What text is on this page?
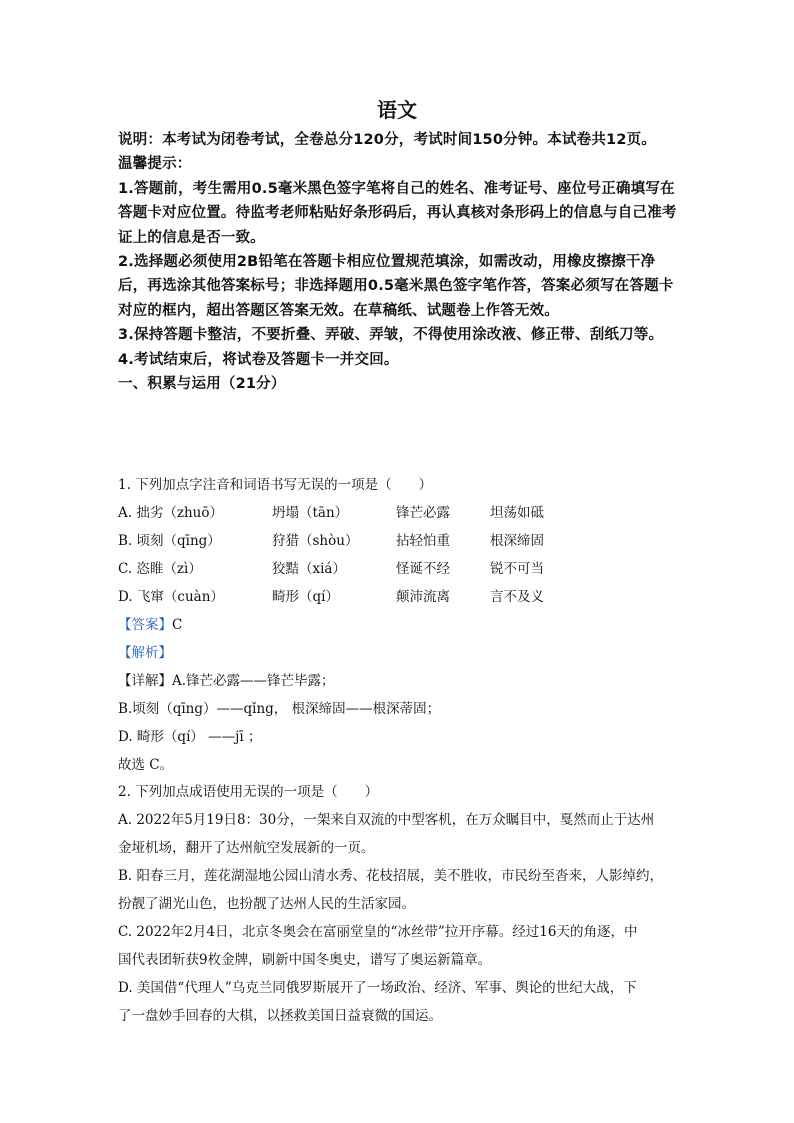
语文

说明：本考试为闭卷考试，全卷总分120分，考试时间150分钟。本试卷共12页。

温馨提示：

1.答题前，考生需用0.5毫米黑色签字笔将自己的姓名、准考证号、座位号正确填写在答题卡对应位置。待监考老师粘贴好条形码后，再认真核对条形码上的信息与自己准考证上的信息是否一致。

2.选择题必须使用2B铅笔在答题卡相应位置规范填涂，如需改动，用橡皮擦擦干净后，再选涂其他答案标号；非选择题用0.5毫米黑色签字笔作答，答案必须写在答题卡对应的框内，超出答题区答案无效。在草稿纸、试题卷上作答无效。

3.保持答题卡整洁，不要折叠、弄破、弄皱，不得使用涂改液、修正带、刮纸刀等。

4.考试结束后，将试卷及答题卡一并交回。

一、积累与运用（21分）

1. 下列加点字注音和词语书写无误的一项是（　　）
A. 拙劣（zhuō）	坍塌（tān）	锋芒必露	坦荡如砥
B. 顷刻（qīng）	狩猎（shòu）	拈轻怕重	根深缔固
C. 恣睢（zì）	狡黠（xiá）	怪诞不经	锐不可当
D. 飞窜（cuàn）	畸形（qí）	颠沛流离	言不及义
【答案】C
【解析】
【详解】A.锋芒必露——锋芒毕露；
B.顷刻（qīng）——qǐng， 根深缔固——根深蒂固；
D. 畸形（qí） ——jī ；
故选 C。
2. 下列加点成语使用无误的一项是（　　）
A. 2022年5月19日8：30分，一架来自双流的中型客机，在万众瞩目中，戛然而止于达州
金垭机场，翻开了达州航空发展新的一页。
B. 阳春三月，莲花湖湿地公园山清水秀、花枝招展，美不胜收，市民纷至沓来，人影绰约，
扮靓了湖光山色，也扮靓了达州人民的生活家园。
C. 2022年2月4日，北京冬奥会在富丽堂皇的“冰丝带”拉开序幕。经过16天的角逐，中
国代表团斩获9枚金牌，刷新中国冬奥史，谱写了奥运新篇章。
D. 美国借“代理人”乌克兰同俄罗斯展开了一场政治、经济、军事、舆论的世纪大战，下
了一盘妙手回春的大棋，以拯救美国日益衰微的国运。
